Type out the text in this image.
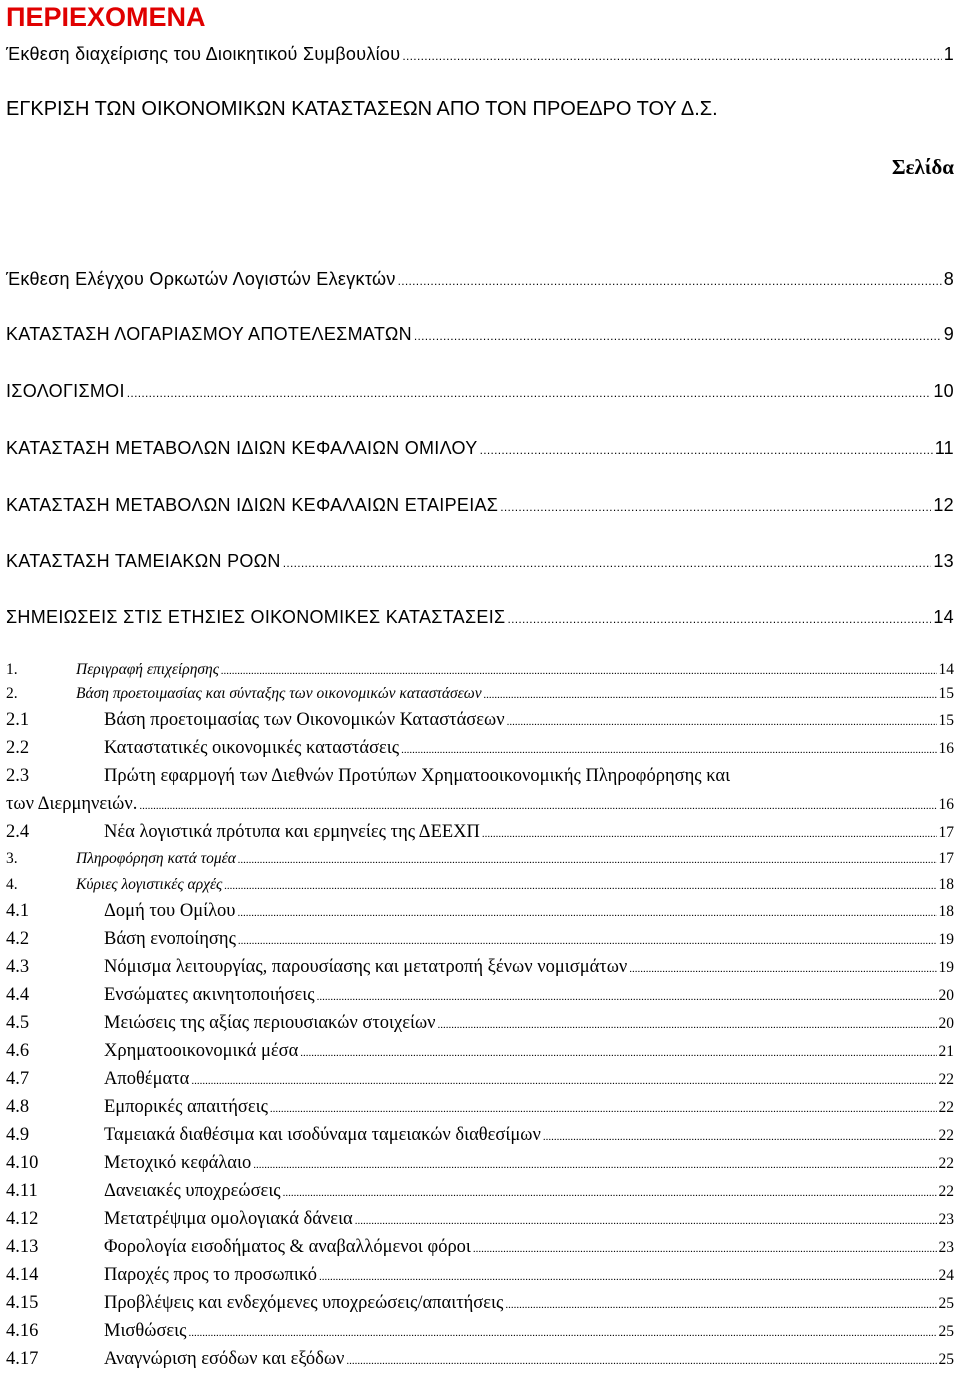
ΠΕΡΙΕΧΟΜΕΝΑ
ΕΓΚΡΙΣΗ ΤΩΝ ΟΙΚΟΝΟΜΙΚΩΝ ΚΑΤΑΣΤΑΣΕΩΝ ΑΠΟ ΤΟΝ ΠΡΟΕΔΡΟ ΤΟΥ Δ.Σ.
Σελίδα
Έκθεση διαχείρισης του Διοικητικού Συμβουλίου .....	1
Έκθεση Ελέγχου Ορκωτών Λογιστών Ελεγκτών .....	8
ΚΑΤΑΣΤΑΣΗ ΛΟΓΑΡΙΑΣΜΟΥ ΑΠΟΤΕΛΕΣΜΑΤΩΝ .....	9
ΙΣΟΛΟΓΙΣΜΟΙ .....	10
ΚΑΤΑΣΤΑΣΗ ΜΕΤΑΒΟΛΩΝ ΙΔΙΩΝ ΚΕΦΑΛΑΙΩΝ ΟΜΙΛΟΥ .....	11
ΚΑΤΑΣΤΑΣΗ ΜΕΤΑΒΟΛΩΝ ΙΔΙΩΝ ΚΕΦΑΛΑΙΩΝ ΕΤΑΙΡΕΙΑΣ .....	12
ΚΑΤΑΣΤΑΣΗ ΤΑΜΕΙΑΚΩΝ ΡΟΩΝ .....	13
ΣΗΜΕΙΩΣΕΙΣ ΣΤΙΣ ΕΤΗΣΙΕΣ ΟΙΚΟΝΟΜΙΚΕΣ ΚΑΤΑΣΤΑΣΕΙΣ .....	14
1.	Περιγραφή επιχείρησης .....	14
2.	Βάση προετοιμασίας και σύνταξης των οικονομικών καταστάσεων .....	15
2.1	Βάση προετοιμασίας των Οικονομικών Καταστάσεων .....	15
2.2	Καταστατικές οικονομικές καταστάσεις .....	16
2.3	Πρώτη εφαρμογή των Διεθνών Προτύπων Χρηματοοικονομικής Πληροφόρησης και
των Διερμηνειών. .....	16
2.4	Νέα λογιστικά πρότυπα και ερμηνείες της ΔΕΕΧΠ .....	17
3.	Πληροφόρηση κατά τομέα .....	17
4.	Κύριες λογιστικές αρχές .....	18
4.1	Δομή του Ομίλου .....	18
4.2	Βάση ενοποίησης .....	19
4.3	Νόμισμα λειτουργίας, παρουσίασης και μετατροπή ξένων νομισμάτων .....	19
4.4	Ενσώματες ακινητοποιήσεις .....	20
4.5	Μειώσεις της αξίας περιουσιακών στοιχείων .....	20
4.6	Χρηματοοικονομικά μέσα .....	21
4.7	Αποθέματα .....	22
4.8	Εμπορικές απαιτήσεις .....	22
4.9	Ταμειακά διαθέσιμα και ισοδύναμα ταμειακών διαθεσίμων .....	22
4.10	Μετοχικό κεφάλαιο .....	22
4.11	Δανειακές υποχρεώσεις .....	22
4.12	Μετατρέψιμα ομολογιακά δάνεια .....	23
4.13	Φορολογία εισοδήματος & αναβαλλόμενοι φόροι .....	23
4.14	Παροχές προς το προσωπικό .....	24
4.15	Προβλέψεις και ενδεχόμενες υποχρεώσεις/απαιτήσεις .....	25
4.16	Μισθώσεις .....	25
4.17	Αναγνώριση εσόδων και εξόδων .....	25
